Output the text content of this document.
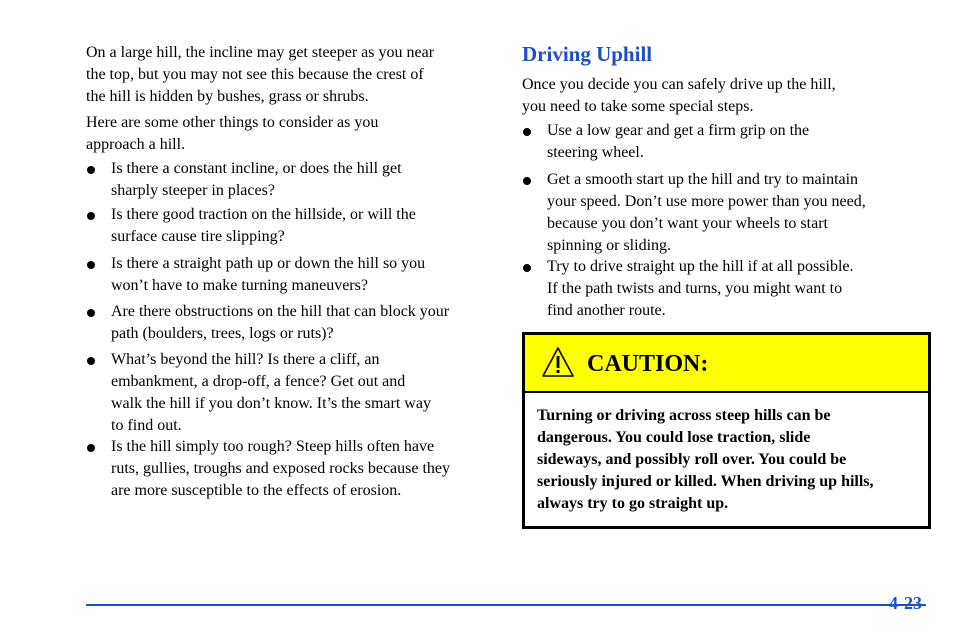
On a large hill, the incline may get steeper as you near
the top, but you may not see this because the crest of
the hill is hidden by bushes, grass or shrubs.

Here are some other things to consider as you
approach a hill.

Is there a constant incline, or does the hill get
sharply steeper in places?
Is there good traction on the hillside, or will the
surface cause tire slipping?
Is there a straight path up or down the hill so you
won’t have to make turning maneuvers?
Are there obstructions on the hill that can block your
path (boulders, trees, logs or ruts)?
What’s beyond the hill? Is there a cliff, an
embankment, a drop-off, a fence? Get out and
walk the hill if you don’t know. It’s the smart way
to find out.
Is the hill simply too rough? Steep hills often have
ruts, gullies, troughs and exposed rocks because they
are more susceptible to the effects of erosion.
Driving Uphill

Once you decide you can safely drive up the hill,
you need to take some special steps.

Use a low gear and get a firm grip on the
steering wheel.
Get a smooth start up the hill and try to maintain
your speed. Don’t use more power than you need,
because you don’t want your wheels to start
spinning or sliding.
Try to drive straight up the hill if at all possible.
If the path twists and turns, you might want to
find another route.
CAUTION:
Turning or driving across steep hills can be
dangerous. You could lose traction, slide
sideways, and possibly roll over. You could be
seriously injured or killed. When driving up hills,
always try to go straight up.
4-23
